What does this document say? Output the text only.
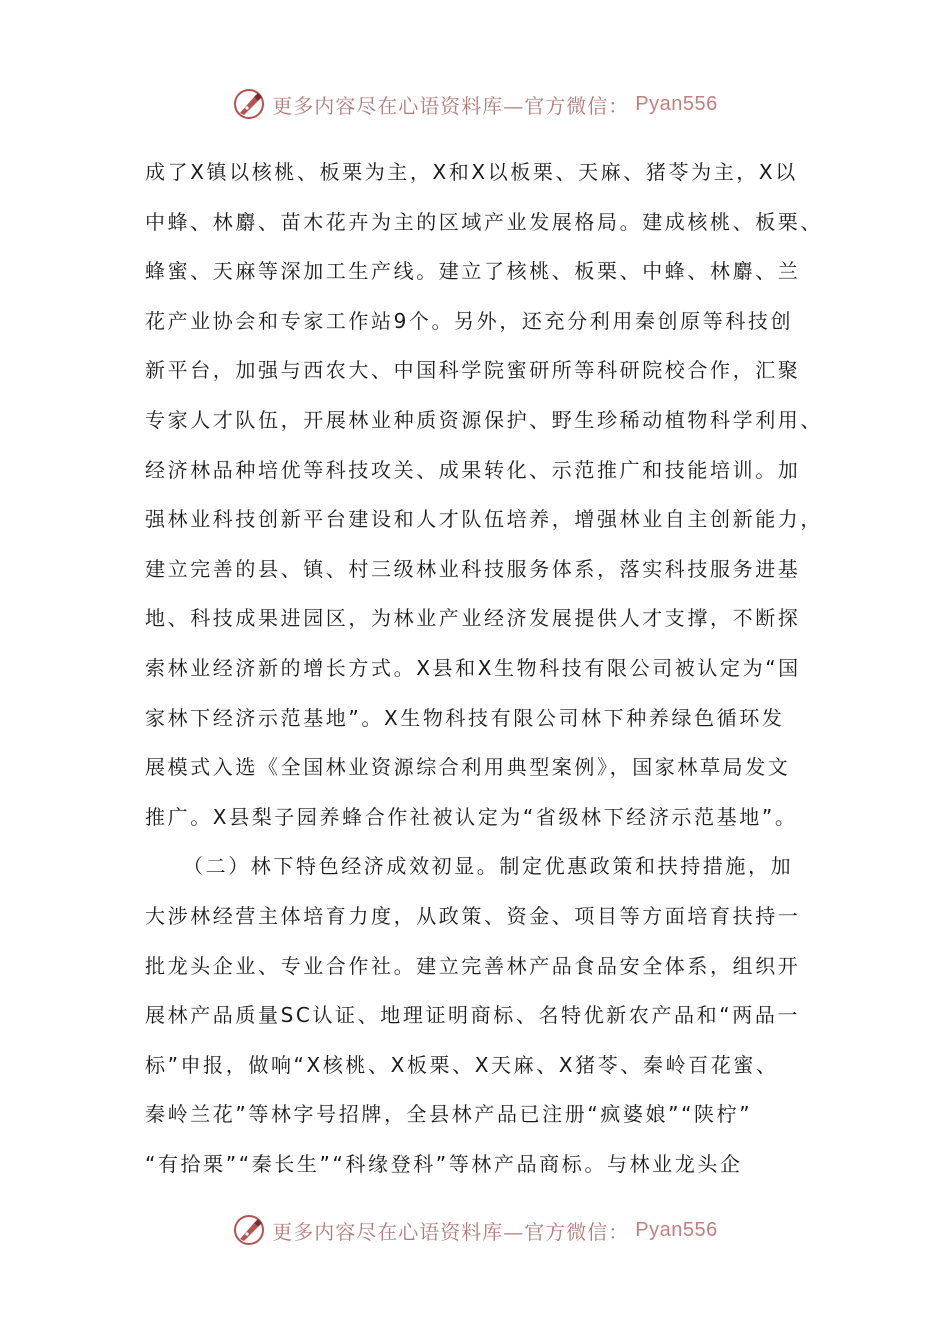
更多内容尽在心语资料库—官方微信： Pyan556
成了X镇以核桃、板栗为主，X和X以板栗、天麻、猪苓为主，X以
中蜂、林麝、苗木花卉为主的区域产业发展格局。建成核桃、板栗、
蜂蜜、天麻等深加工生产线。建立了核桃、板栗、中蜂、林麝、兰
花产业协会和专家工作站9个。另外，还充分利用秦创原等科技创
新平台，加强与西农大、中国科学院蜜研所等科研院校合作，汇聚
专家人才队伍，开展林业种质资源保护、野生珍稀动植物科学利用、
经济林品种培优等科技攻关、成果转化、示范推广和技能培训。加
强林业科技创新平台建设和人才队伍培养，增强林业自主创新能力，
建立完善的县、镇、村三级林业科技服务体系，落实科技服务进基
地、科技成果进园区，为林业产业经济发展提供人才支撑，不断探
索林业经济新的增长方式。X县和X生物科技有限公司被认定为“国
家林下经济示范基地”。X生物科技有限公司林下种养绿色循环发
展模式入选《全国林业资源综合利用典型案例》，国家林草局发文
推广。X县梨子园养蜂合作社被认定为“省级林下经济示范基地”。
（二）林下特色经济成效初显。制定优惠政策和扶持措施，加
大涉林经营主体培育力度，从政策、资金、项目等方面培育扶持一
批龙头企业、专业合作社。建立完善林产品食品安全体系，组织开
展林产品质量SC认证、地理证明商标、名特优新农产品和“两品一
标”申报，做响“X核桃、X板栗、X天麻、X猪苓、秦岭百花蜜、
秦岭兰花”等林字号招牌，全县林产品已注册“疯婆娘”“陕柠”
“有拾栗”“秦长生”“科缘登科”等林产品商标。与林业龙头企
更多内容尽在心语资料库—官方微信： Pyan556
